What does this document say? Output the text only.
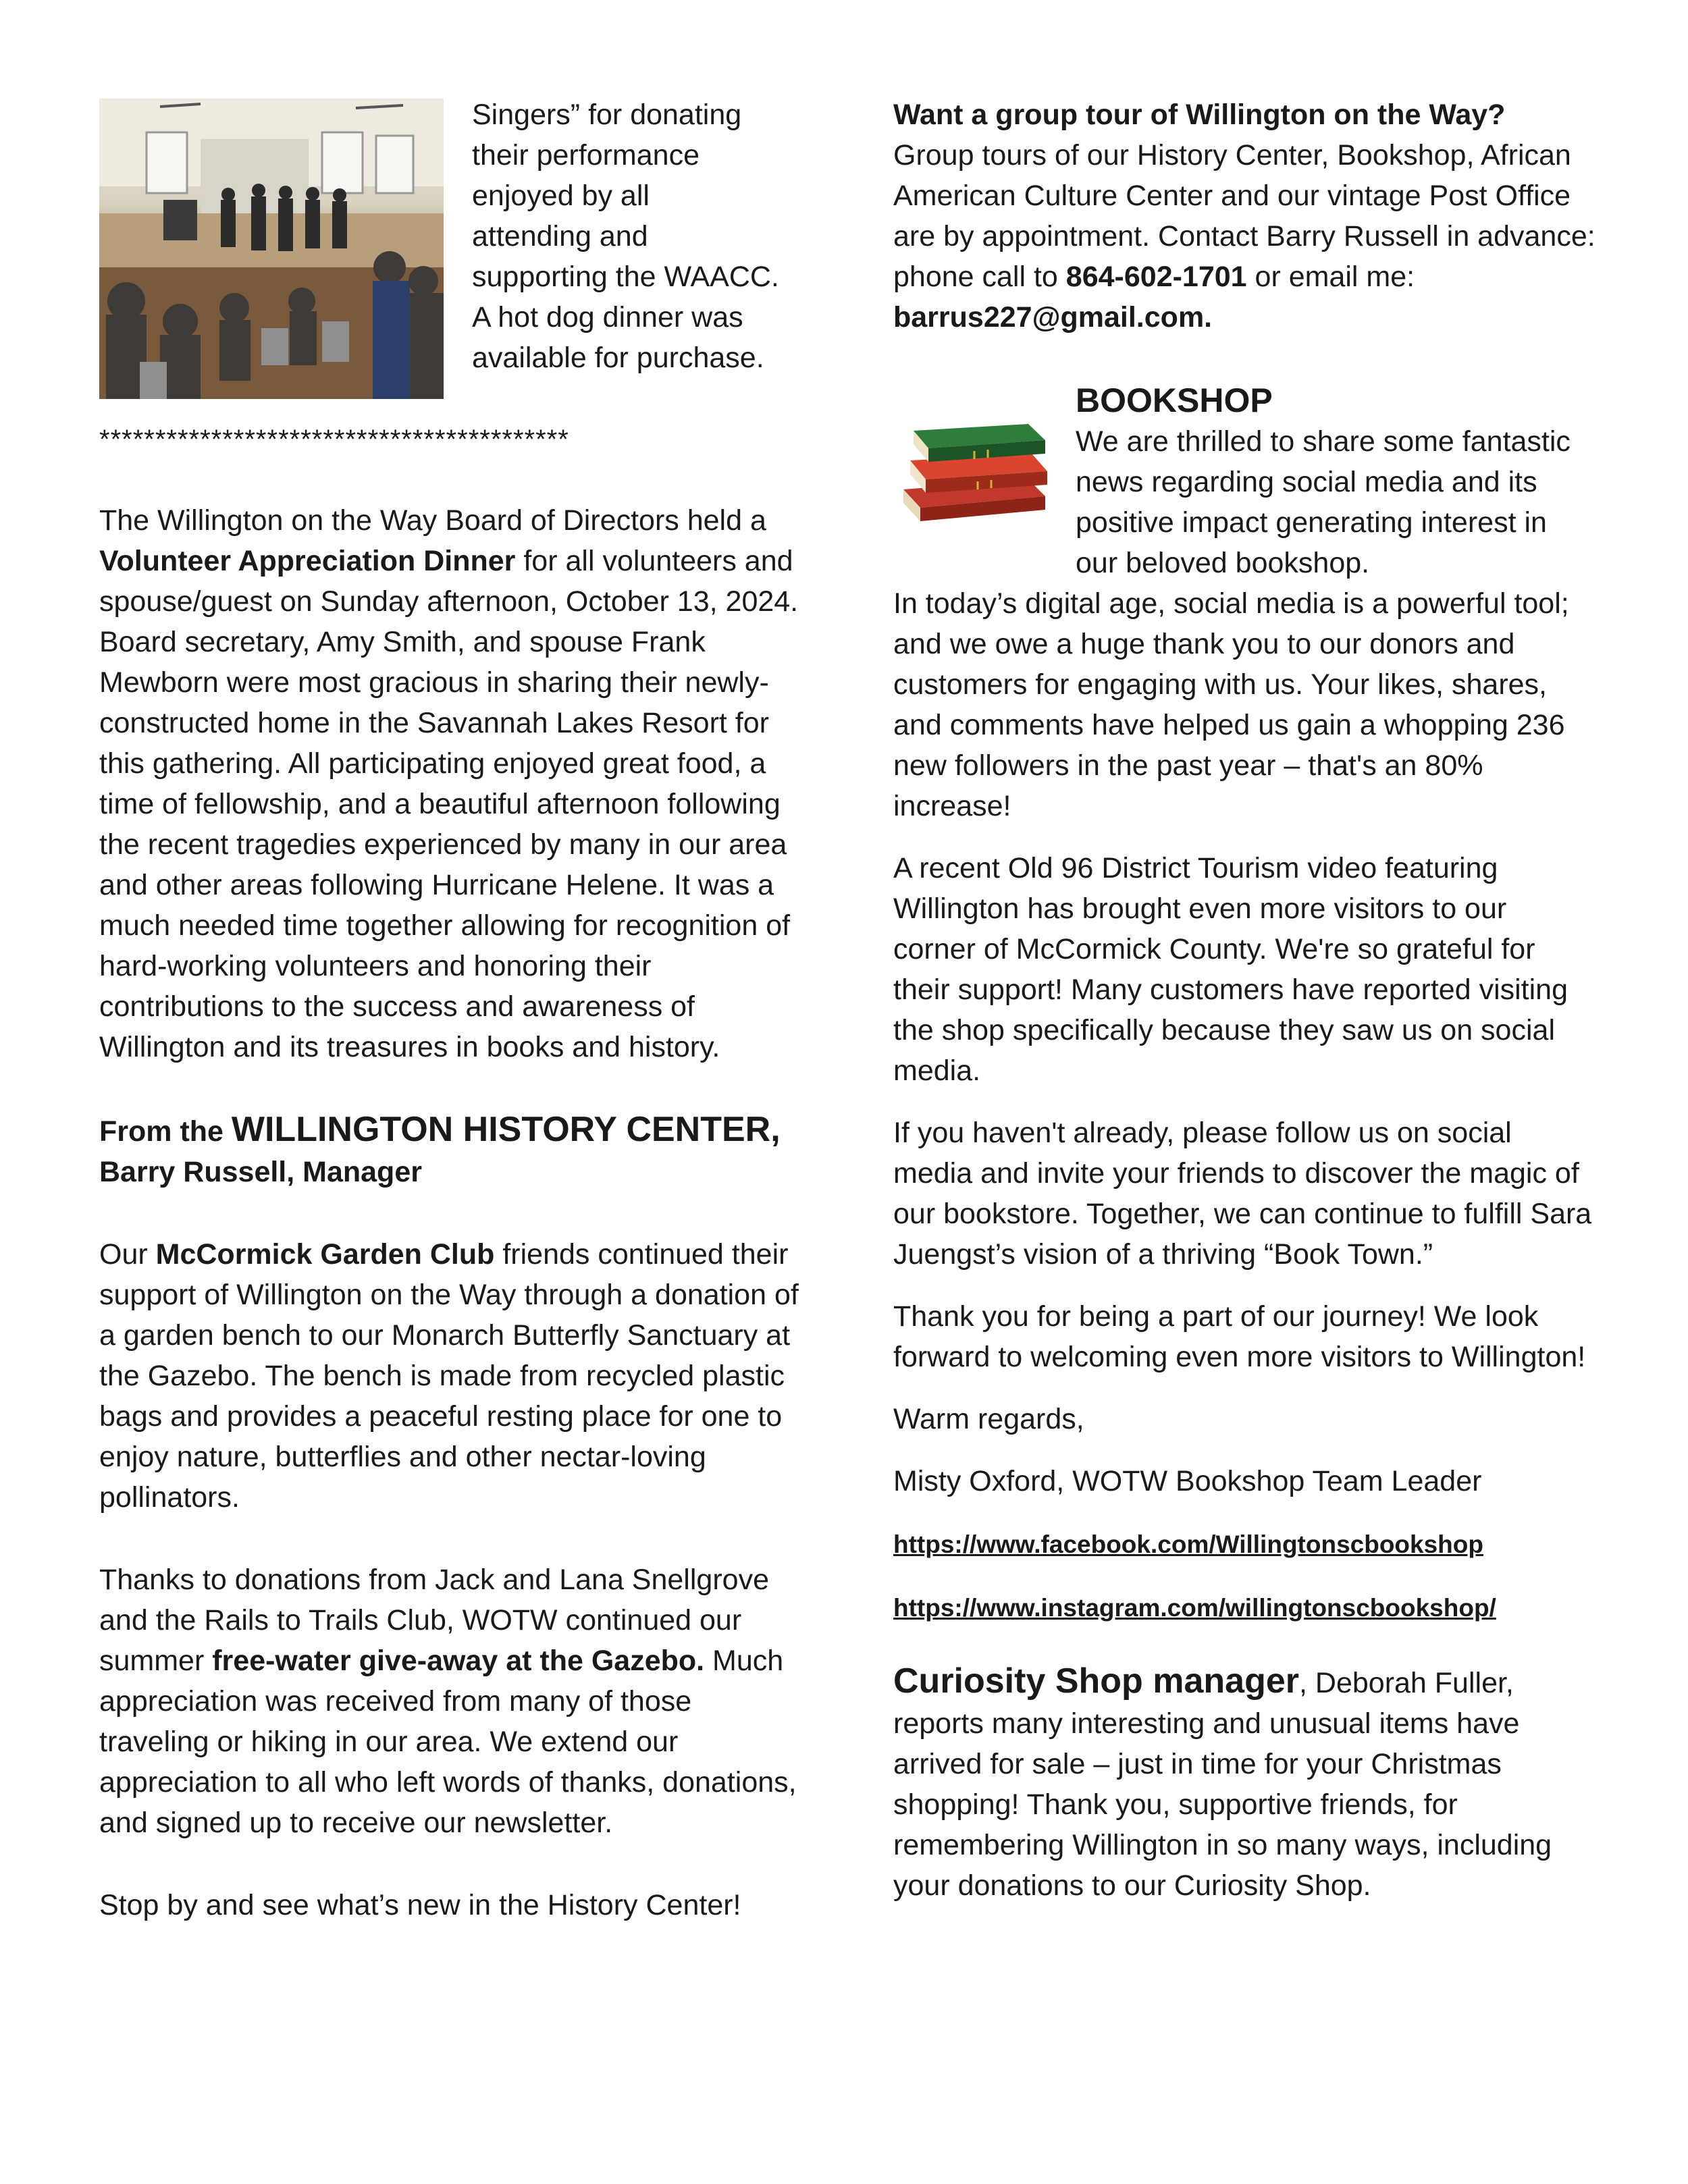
Singers” for donating

their performance

enjoyed by all

attending and

supporting the WAACC.

A hot dog dinner was

available for purchase.

******************************************

The Willington on the Way Board of Directors held a Volunteer Appreciation Dinner for all volunteers and spouse/guest on Sunday afternoon, October 13, 2024. Board secretary, Amy Smith, and spouse Frank Mewborn were most gracious in sharing their newly-constructed home in the Savannah Lakes Resort for this gathering. All participating enjoyed great food, a time of fellowship, and a beautiful afternoon following the recent tragedies experienced by many in our area and other areas following Hurricane Helene. It was a much needed time together allowing for recognition of hard-working volunteers and honoring their contributions to the success and awareness of Willington and its treasures in books and history.

From the WILLINGTON HISTORY CENTER,

Barry Russell, Manager

Our McCormick Garden Club friends continued their support of Willington on the Way through a donation of a garden bench to our Monarch Butterfly Sanctuary at the Gazebo. The bench is made from recycled plastic bags and provides a peaceful resting place for one to enjoy nature, butterflies and other nectar-loving pollinators.

Thanks to donations from Jack and Lana Snellgrove and the Rails to Trails Club, WOTW continued our summer free-water give-away at the Gazebo. Much appreciation was received from many of those traveling or hiking in our area. We extend our appreciation to all who left words of thanks, donations, and signed up to receive our newsletter.

Stop by and see what’s new in the History Center!

Want a group tour of Willington on the Way?

Group tours of our History Center, Bookshop, African American Culture Center and our vintage Post Office are by appointment. Contact Barry Russell in advance: phone call to 864-602-1701 or email me: barrus227@gmail.com.

BOOKSHOP

We are thrilled to share some fantastic news regarding social media and its positive impact generating interest in our beloved bookshop.

In today’s digital age, social media is a powerful tool; and we owe a huge thank you to our donors and customers for engaging with us. Your likes, shares, and comments have helped us gain a whopping 236 new followers in the past year – that's an 80% increase!

A recent Old 96 District Tourism video featuring Willington has brought even more visitors to our corner of McCormick County. We're so grateful for their support! Many customers have reported visiting the shop specifically because they saw us on social media.

If you haven't already, please follow us on social media and invite your friends to discover the magic of our bookstore. Together, we can continue to fulfill Sara Juengst’s vision of a thriving “Book Town.”

Thank you for being a part of our journey! We look forward to welcoming even more visitors to Willington!

Warm regards,

Misty Oxford, WOTW Bookshop Team Leader

https://www.facebook.com/Willingtonscbookshop

https://www.instagram.com/willingtonscbookshop/

Curiosity Shop manager, Deborah Fuller, reports many interesting and unusual items have arrived for sale – just in time for your Christmas shopping! Thank you, supportive friends, for remembering Willington in so many ways, including your donations to our Curiosity Shop.
